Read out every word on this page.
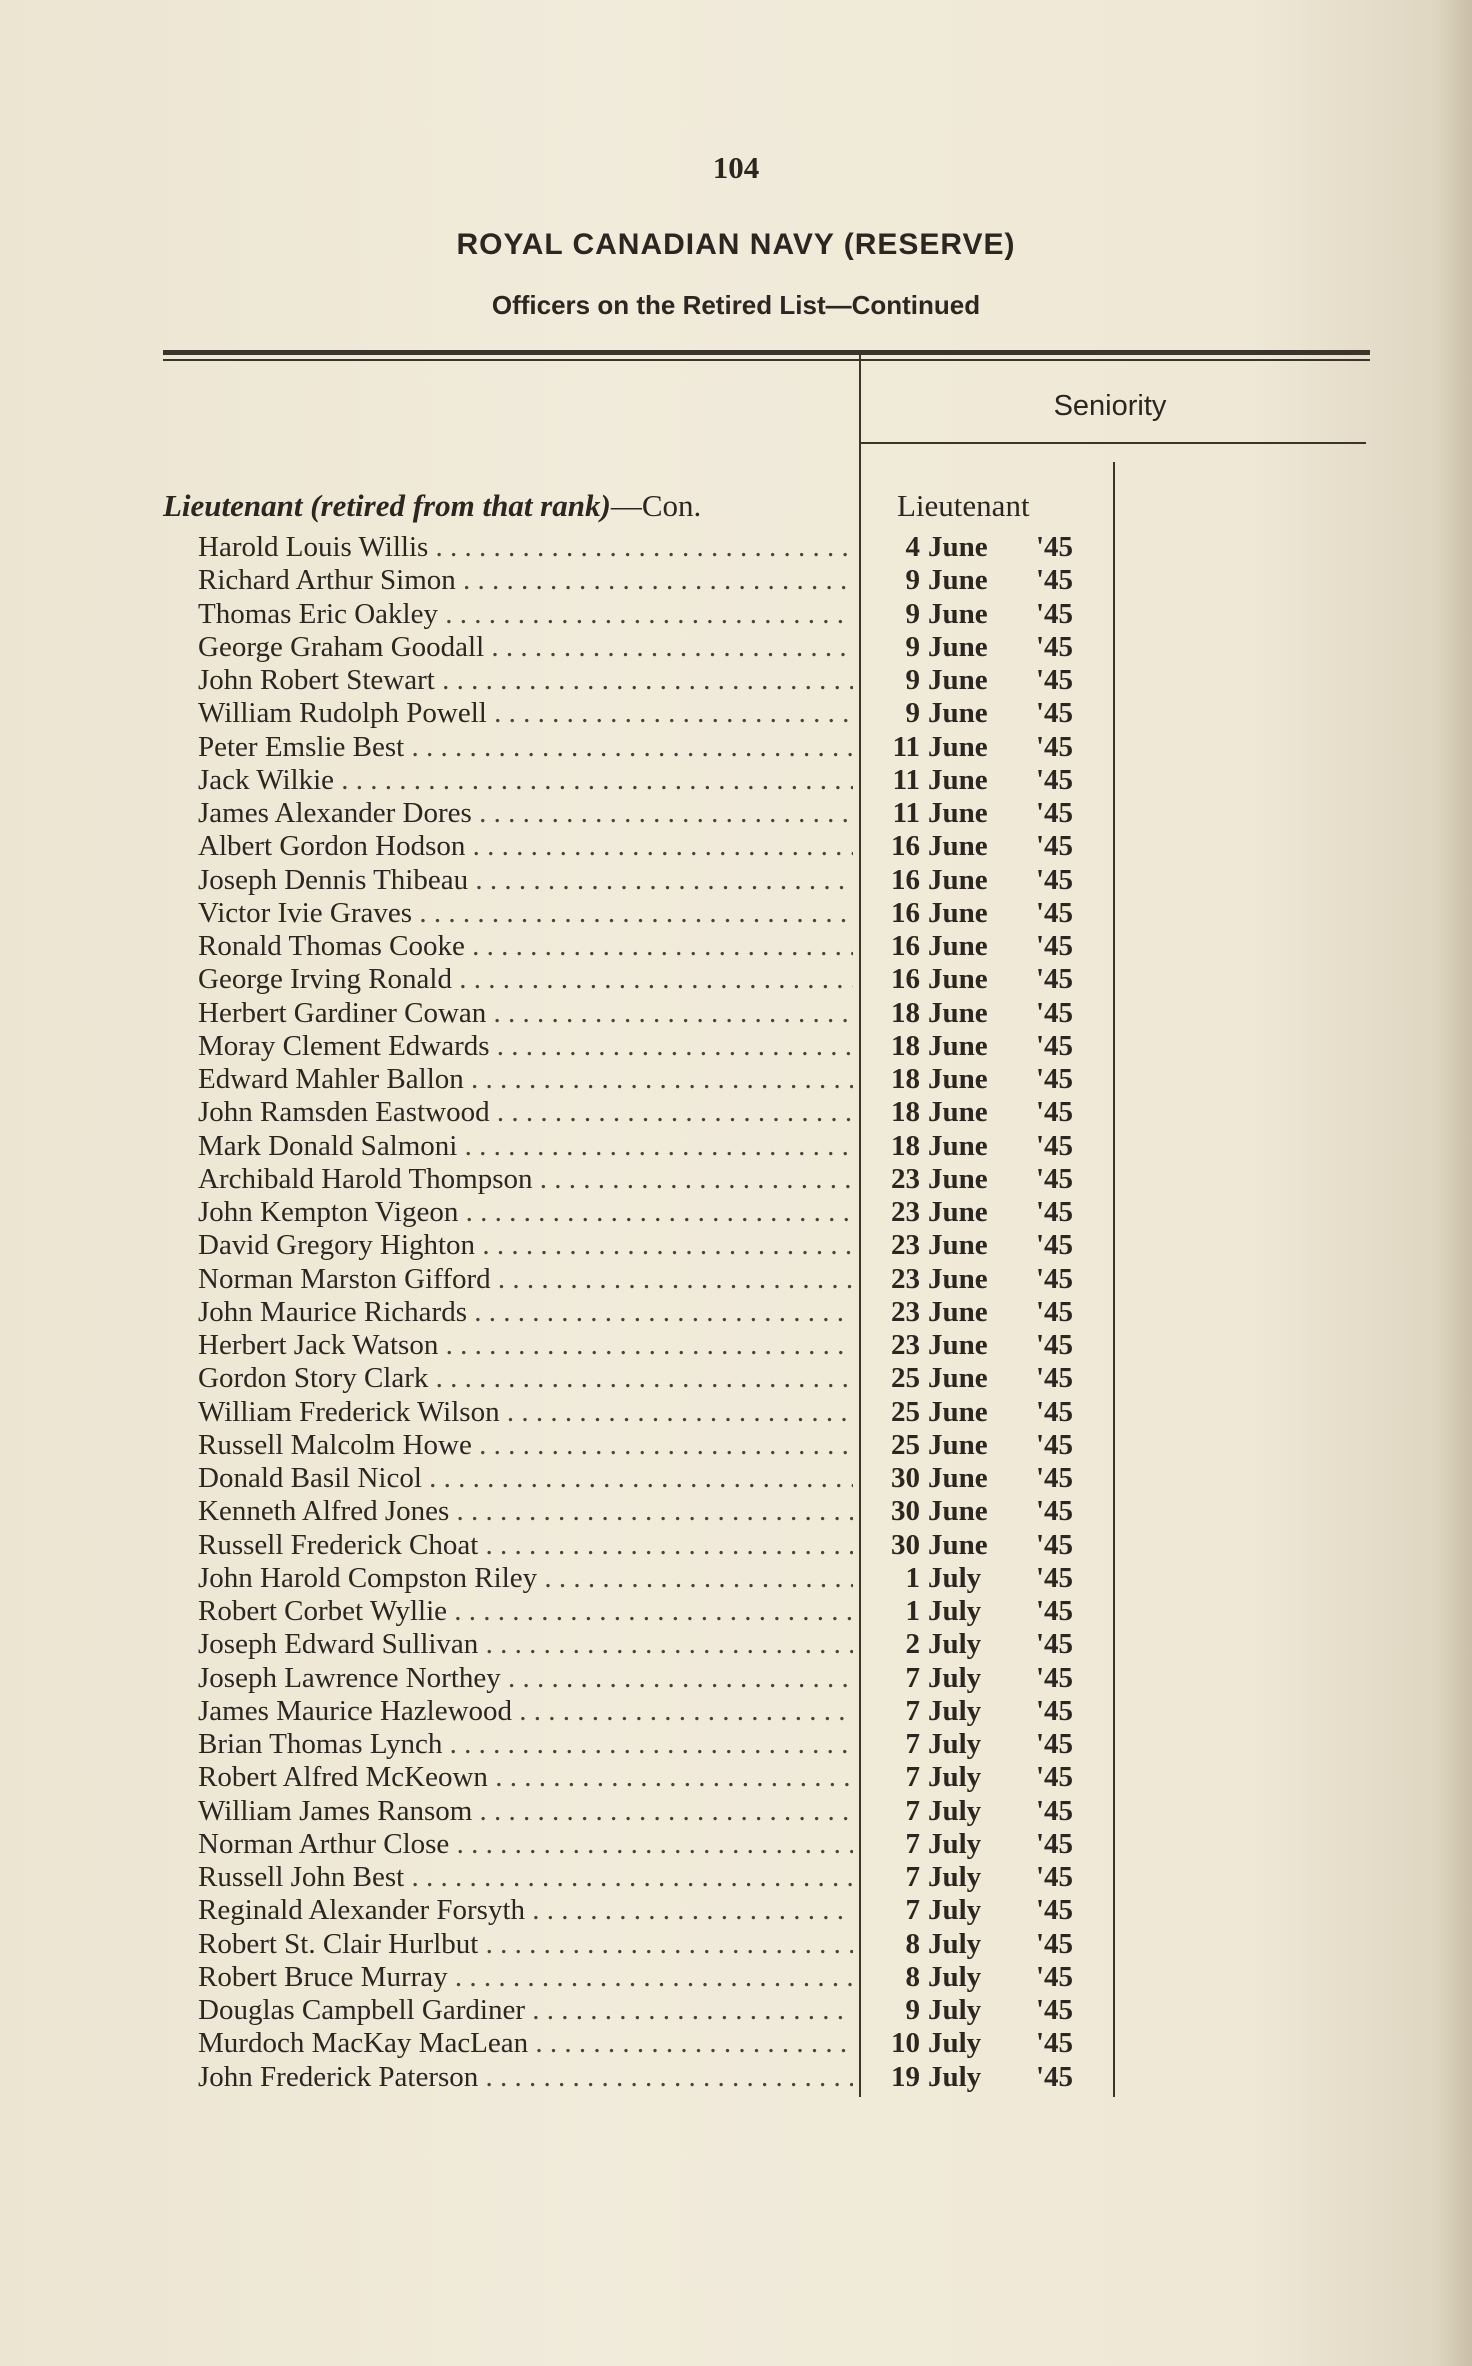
104
ROYAL CANADIAN NAVY (RESERVE)
Officers on the Retired List—Continued
Seniority
Lieutenant (retired from that rank)—Con.	Lieutenant
Harold Louis Willis . . .	4 June	'45
Richard Arthur Simon . . .	9 June	'45
Thomas Eric Oakley . . .	9 June	'45
George Graham Goodall . . .	9 June	'45
John Robert Stewart . . .	9 June	'45
William Rudolph Powell . . .	9 June	'45
Peter Emslie Best . . .	11 June	'45
Jack Wilkie . . .	11 June	'45
James Alexander Dores . . .	11 June	'45
Albert Gordon Hodson . . .	16 June	'45
Joseph Dennis Thibeau . . .	16 June	'45
Victor Ivie Graves . . .	16 June	'45
Ronald Thomas Cooke . . .	16 June	'45
George Irving Ronald . . .	16 June	'45
Herbert Gardiner Cowan . . .	18 June	'45
Moray Clement Edwards . . .	18 June	'45
Edward Mahler Ballon . . .	18 June	'45
John Ramsden Eastwood . . .	18 June	'45
Mark Donald Salmoni . . .	18 June	'45
Archibald Harold Thompson . . .	23 June	'45
John Kempton Vigeon . . .	23 June	'45
David Gregory Highton . . .	23 June	'45
Norman Marston Gifford . . .	23 June	'45
John Maurice Richards . . .	23 June	'45
Herbert Jack Watson . . .	23 June	'45
Gordon Story Clark . . .	25 June	'45
William Frederick Wilson . . .	25 June	'45
Russell Malcolm Howe . . .	25 June	'45
Donald Basil Nicol . . .	30 June	'45
Kenneth Alfred Jones . . .	30 June	'45
Russell Frederick Choat . . .	30 June	'45
John Harold Compston Riley . . .	1 July	'45
Robert Corbet Wyllie . . .	1 July	'45
Joseph Edward Sullivan . . .	2 July	'45
Joseph Lawrence Northey . . .	7 July	'45
James Maurice Hazlewood . . .	7 July	'45
Brian Thomas Lynch . . .	7 July	'45
Robert Alfred McKeown . . .	7 July	'45
William James Ransom . . .	7 July	'45
Norman Arthur Close . . .	7 July	'45
Russell John Best . . .	7 July	'45
Reginald Alexander Forsyth . . .	7 July	'45
Robert St. Clair Hurlbut . . .	8 July	'45
Robert Bruce Murray . . .	8 July	'45
Douglas Campbell Gardiner . . .	9 July	'45
Murdoch MacKay MacLean . . .	10 July	'45
John Frederick Paterson . . .	19 July	'45
